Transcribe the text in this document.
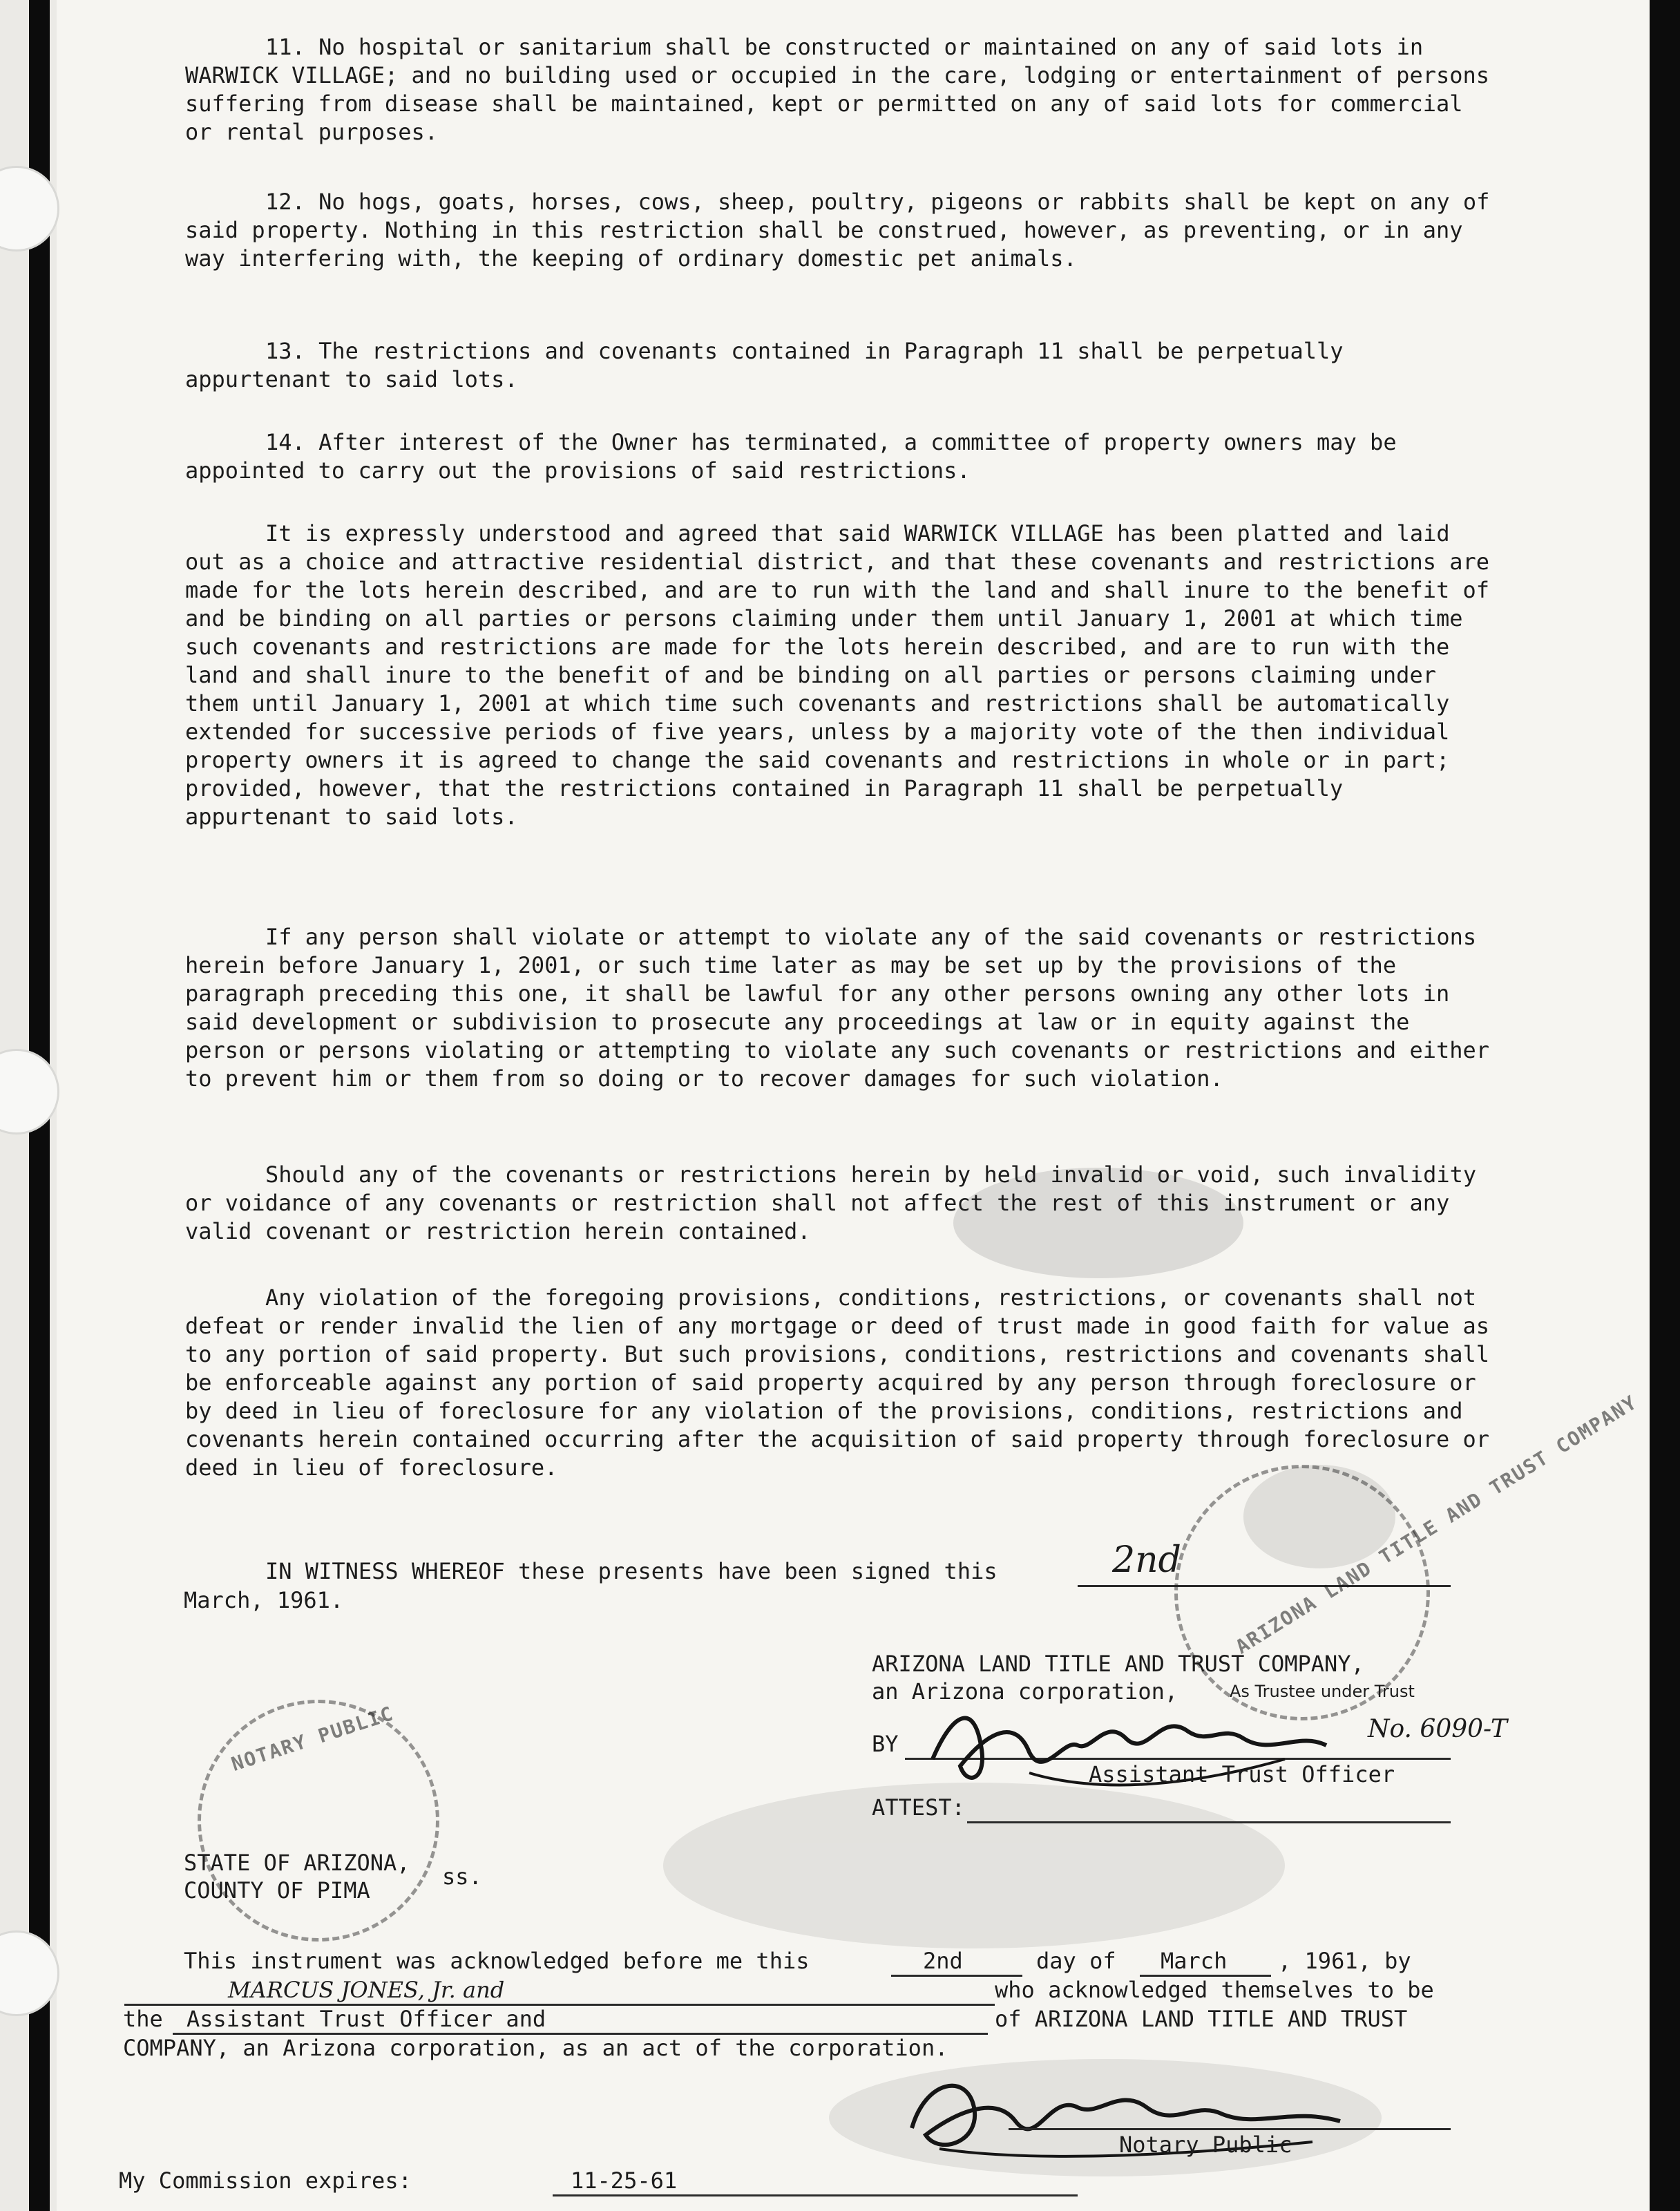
11. No hospital or sanitarium shall be constructed or maintained on any of said lots in WARWICK VILLAGE; and no building used or occupied in the care, lodging or entertainment of persons suffering from disease shall be maintained, kept or permitted on any of said lots for commercial or rental purposes.

12. No hogs, goats, horses, cows, sheep, poultry, pigeons or rabbits shall be kept on any of said property. Nothing in this restriction shall be construed, however, as preventing, or in any way interfering with, the keeping of ordinary domestic pet animals.

13. The restrictions and covenants contained in Paragraph 11 shall be perpetually appurtenant to said lots.

14. After interest of the Owner has terminated, a committee of property owners may be appointed to carry out the provisions of said restrictions.

It is expressly understood and agreed that said WARWICK VILLAGE has been platted and laid out as a choice and attractive residential district, and that these covenants and restrictions are made for the lots herein described, and are to run with the land and shall inure to the benefit of and be binding on all parties or persons claiming under them until January 1, 2001 at which time such covenants and restrictions are made for the lots herein described, and are to run with the land and shall inure to the benefit of and be binding on all parties or persons claiming under them until January 1, 2001 at which time such covenants and restrictions shall be automatically extended for successive periods of five years, unless by a majority vote of the then individual property owners it is agreed to change the said covenants and restrictions in whole or in part; provided, however, that the restrictions contained in Paragraph 11 shall be perpetually appurtenant to said lots.

If any person shall violate or attempt to violate any of the said covenants or restrictions herein before January 1, 2001, or such time later as may be set up by the provisions of the paragraph preceding this one, it shall be lawful for any other persons owning any other lots in said development or subdivision to prosecute any proceedings at law or in equity against the person or persons violating or attempting to violate any such covenants or restrictions and either to prevent him or them from so doing or to recover damages for such violation.

Should any of the covenants or restrictions herein by held invalid or void, such invalidity or voidance of any covenants or restriction shall not affect the rest of this instrument or any valid covenant or restriction herein contained.

Any violation of the foregoing provisions, conditions, restrictions, or covenants shall not defeat or render invalid the lien of any mortgage or deed of trust made in good faith for value as to any portion of said property. But such provisions, conditions, restrictions and covenants shall be enforceable against any portion of said property acquired by any person through foreclosure or by deed in lieu of foreclosure for any violation of the provisions, conditions, restrictions and covenants herein contained occurring after the acquisition of said property through foreclosure or deed in lieu of foreclosure.

IN WITNESS WHEREOF these presents have been signed this	2nd
March, 1961.	ARIZONA LAND TITLE AND TRUST COMPANY
ARIZONA LAND TITLE AND TRUST COMPANY,
an Arizona corporation,	As Trustee under Trust
No. 6090-T
BY
Assistant Trust Officer
ATTEST:
NOTARY PUBLIC
STATE OF ARIZONA,
ss.
COUNTY OF PIMA
This instrument was acknowledged before me this	2nd	day of March , 1961, by
MARCUS JONES, Jr. and	who acknowledged themselves to be
the Assistant Trust Officer and	of ARIZONA LAND TITLE AND TRUST
COMPANY, an Arizona corporation, as an act of the corporation.
Notary Public
My Commission expires:	11-25-61
